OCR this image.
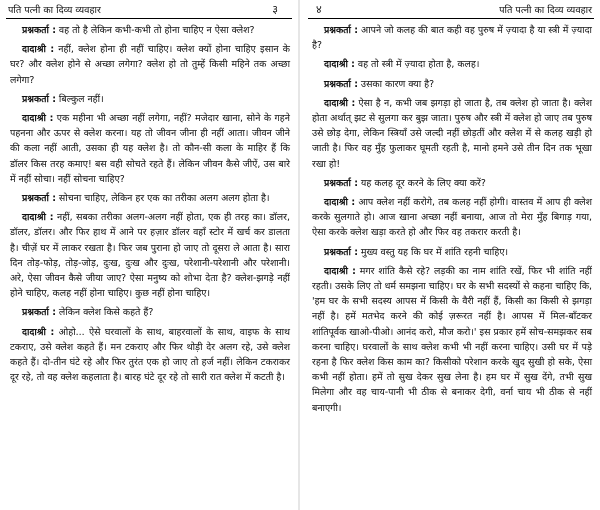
पति पत्नी का दिव्य व्यवहार	३

प्रश्नकर्ता : वह तो है लेकिन कभी-कभी तो होना चाहिए न ऐसा क्लेश?

दादाश्री : नहीं, क्लेश होना ही नहीं चाहिए। क्लेश क्यों होना चाहिए इसान के घर? और क्लेश होने से अच्छा लगेगा? क्लेश हो तो तुम्हें किसी महिने तक अच्छा लगेगा?

प्रश्नकर्ता : बिल्कुल नहीं।

दादाश्री : एक महीना भी अच्छा नहीं लगेगा, नहीं? मजेदार खाना, सोने के गहने पहनना और ऊपर से क्लेश करना। यह तो जीवन जीना ही नहीं आता। जीवन जीने की कला नहीं आती, उसका ही यह क्लेश है। तो कौन-सी कला के माहिर हैं कि डॉलर किस तरह कमाए! बस वही सोचते रहते हैं। लेकिन जीवन कैसे जीऐं, उस बारे में नहीं सोचा। नहीं सोचना चाहिए?

प्रश्नकर्ता : सोचना चाहिए, लेकिन हर एक का तरीका अलग अलग होता है।

दादाश्री : नहीं, सबका तरीका अलग-अलग नहीं होता, एक ही तरह का। डॉलर, डॉलर, डॉलर। और फिर हाथ में आने पर हज़ार डॉलर वहाँ स्टोर में खर्च कर डालता है। चीज़ें घर में लाकर रखता है। फिर जब पुराना हो जाए तो दूसरा ले आता है। सारा दिन तोड़-फोड़, तोड़-जोड़, दुःख, दुःख और दुःख, परेशानी-परेशानी और परेशानी। अरे, ऐसा जीवन कैसे जीया जाए? ऐसा मनुष्य को शोभा देता है? क्लेश-झगड़े नहीं होने चाहिए, कलह नहीं होना चाहिए। कुछ नहीं होना चाहिए।

प्रश्नकर्ता : लेकिन क्लेश किसे कहते हैं?

दादाश्री : ओहो... ऐसे घरवालों के साथ, बाहरवालों के साथ, वाइफ के साथ टकराए, उसे क्लेश कहते हैं। मन टकराए और फिर थोड़ी देर अलग रहे, उसे क्लेश कहते हैं। दो-तीन घंटे रहे और फिर तुरंत एक हो जाए तो हर्ज नहीं। लेकिन टकराकर दूर रहे, तो वह क्लेश कहलाता है। बारह घंटे दूर रहे तो सारी रात क्लेश में कटती है।

४	पति पत्नी का दिव्य व्यवहार

प्रश्नकर्ता : आपने जो कलह की बात कही वह पुरुष में ज़्यादा है या स्त्री में ज़्यादा है?

दादाश्री : वह तो स्त्री में ज़्यादा होता है, कलह।

प्रश्नकर्ता : उसका कारण क्या है?

दादाश्री : ऐसा है न, कभी जब झगड़ा हो जाता है, तब क्लेश हो जाता है। क्लेश होता अर्थात् झट से सुलगा कर बुझ जाता। पुरुष और स्त्री में क्लेश हो जाए तब पुरुष उसे छोड़ देगा, लेकिन स्त्रियाँ उसे जल्दी नहीं छोड़तीं और क्लेश में से कलह खड़ी हो जाती है। फिर वह मुँह फुलाकर घूमती रहती है, मानो हमने उसे तीन दिन तक भूखा रखा हो!

प्रश्नकर्ता : यह कलह दूर करने के लिए क्या करें?

दादाश्री : आप क्लेश नहीं करोगे, तब कलह नहीं होगी। वास्तव में आप ही क्लेश करके सुलगाते हो। आज खाना अच्छा नहीं बनाया, आज तो मेरा मुँह बिगाड़ गया, ऐसा करके क्लेश खड़ा करते हो और फिर वह तकरार करती है।

प्रश्नकर्ता : मुख्य वस्तु यह कि घर में शांति रहनी चाहिए।

दादाश्री : मगर शांति कैसे रहे? लड़की का नाम शांति रखें, फिर भी शांति नहीं रहती। उसके लिए तो धर्म समझना चाहिए। घर के सभी सदस्यों से कहना चाहिए कि, 'हम घर के सभी सदस्य आपस में किसी के वैरी नहीं हैं, किसी का किसी से झगड़ा नहीं है। हमें मतभेद करने की कोई ज़रूरत नहीं है। आपस में मिल-बाँटकर शांतिपूर्वक खाओ-पीओ। आनंद करो, मौज करो।' इस प्रकार हमें सोच-समझकर सब करना चाहिए। घरवालों के साथ क्लेश कभी भी नहीं करना चाहिए। उसी घर में पड़े रहना है फिर क्लेश किस काम का? किसीको परेशान करके खुद सुखी हो सके, ऐसा कभी नहीं होता। हमें तो सुख देकर सुख लेना है। हम घर में सुख देंगे, तभी सुख मिलेगा और वह चाय-पानी भी ठीक से बनाकर देगी, वर्ना चाय भी ठीक से नहीं बनाएगी।
